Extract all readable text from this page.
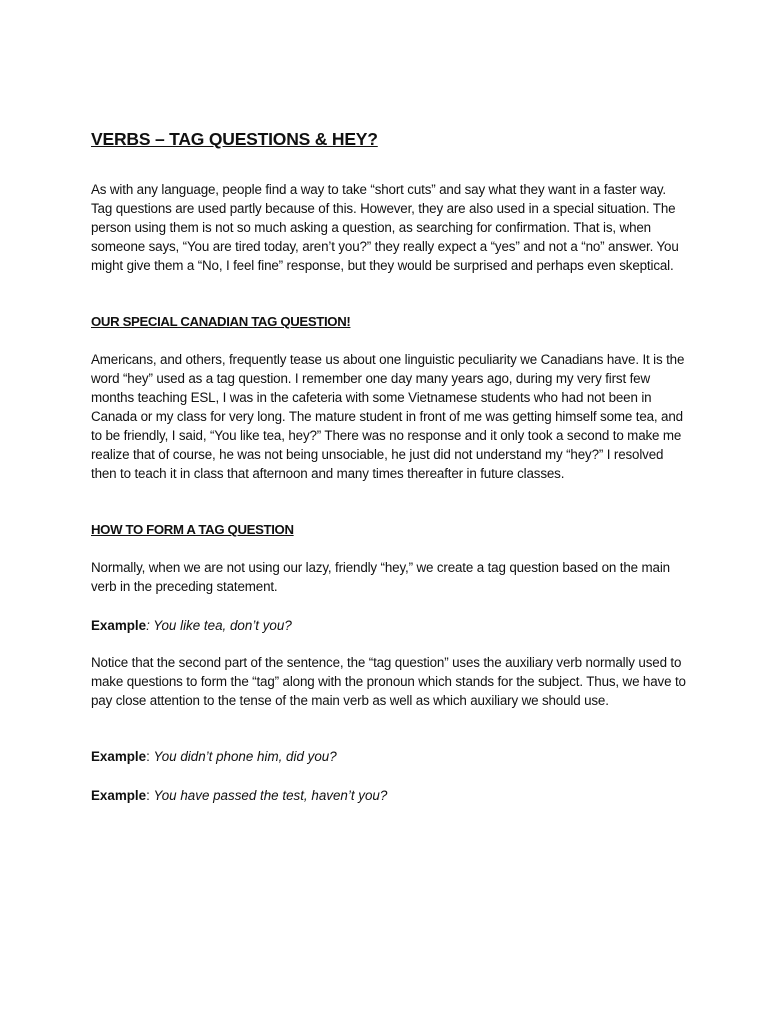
VERBS – TAG QUESTIONS & HEY?

As with any language, people find a way to take “short cuts” and say what they want in a faster way. Tag questions are used partly because of this. However, they are also used in a special situation. The person using them is not so much asking a question, as searching for confirmation. That is, when someone says, “You are tired today, aren’t you?” they really expect a “yes” and not a “no” answer. You might give them a “No, I feel fine” response, but they would be surprised and perhaps even skeptical.

OUR SPECIAL CANADIAN TAG QUESTION!

Americans, and others, frequently tease us about one linguistic peculiarity we Canadians have. It is the word “hey” used as a tag question. I remember one day many years ago, during my very first few months teaching ESL, I was in the cafeteria with some Vietnamese students who had not been in Canada or my class for very long. The mature student in front of me was getting himself some tea, and to be friendly, I said, “You like tea, hey?” There was no response and it only took a second to make me realize that of course, he was not being unsociable, he just did not understand my “hey?” I resolved then to teach it in class that afternoon and many times thereafter in future classes.

HOW TO FORM A TAG QUESTION

Normally, when we are not using our lazy, friendly “hey,” we create a tag question based on the main verb in the preceding statement.

Example: You like tea, don’t you?

Notice that the second part of the sentence, the “tag question” uses the auxiliary verb normally used to make questions to form the “tag” along with the pronoun which stands for the subject. Thus, we have to pay close attention to the tense of the main verb as well as which auxiliary we should use.

Example: You didn’t phone him, did you?

Example: You have passed the test, haven’t you?
